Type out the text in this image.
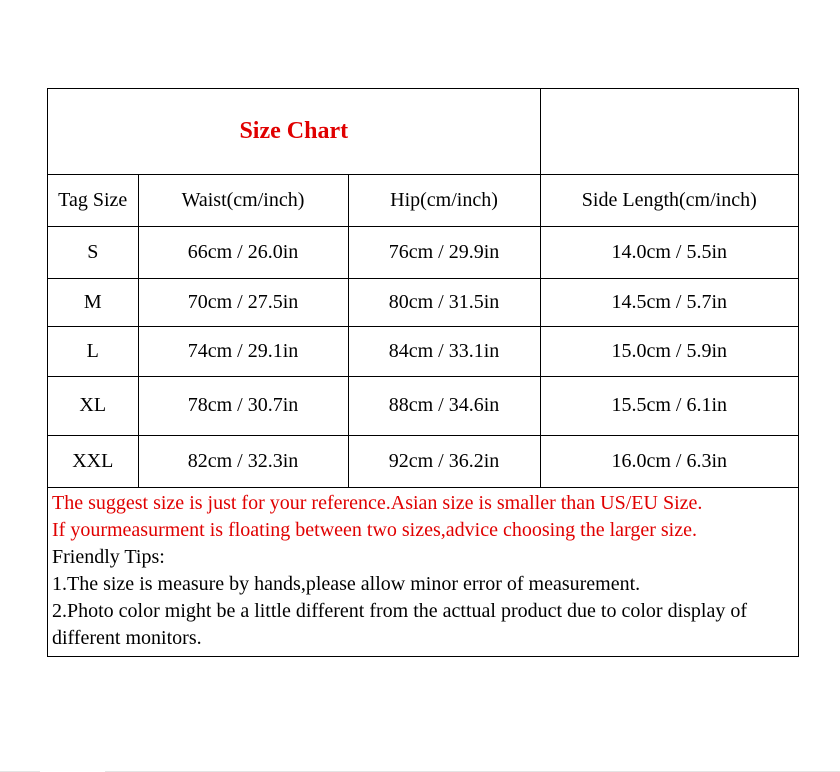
Size Chart			
Tag Size	Waist(cm/inch)	Hip(cm/inch)	Side Length(cm/inch)
S	66cm / 26.0in	76cm / 29.9in	14.0cm / 5.5in
M	70cm / 27.5in	80cm / 31.5in	14.5cm / 5.7in
L	74cm / 29.1in	84cm / 33.1in	15.0cm / 5.9in
XL	78cm / 30.7in	88cm / 34.6in	15.5cm / 6.1in
XXL	82cm / 32.3in	92cm / 36.2in	16.0cm / 6.3in
The suggest size is just for your reference.Asian size is smaller than US/EU Size.
If yourmeasurment is floating between two sizes,advice choosing the larger size.
Friendly Tips:
1.The size is measure by hands,please allow minor error of measurement.
2.Photo color might be a little different from the acttual product due to color display of different monitors.
